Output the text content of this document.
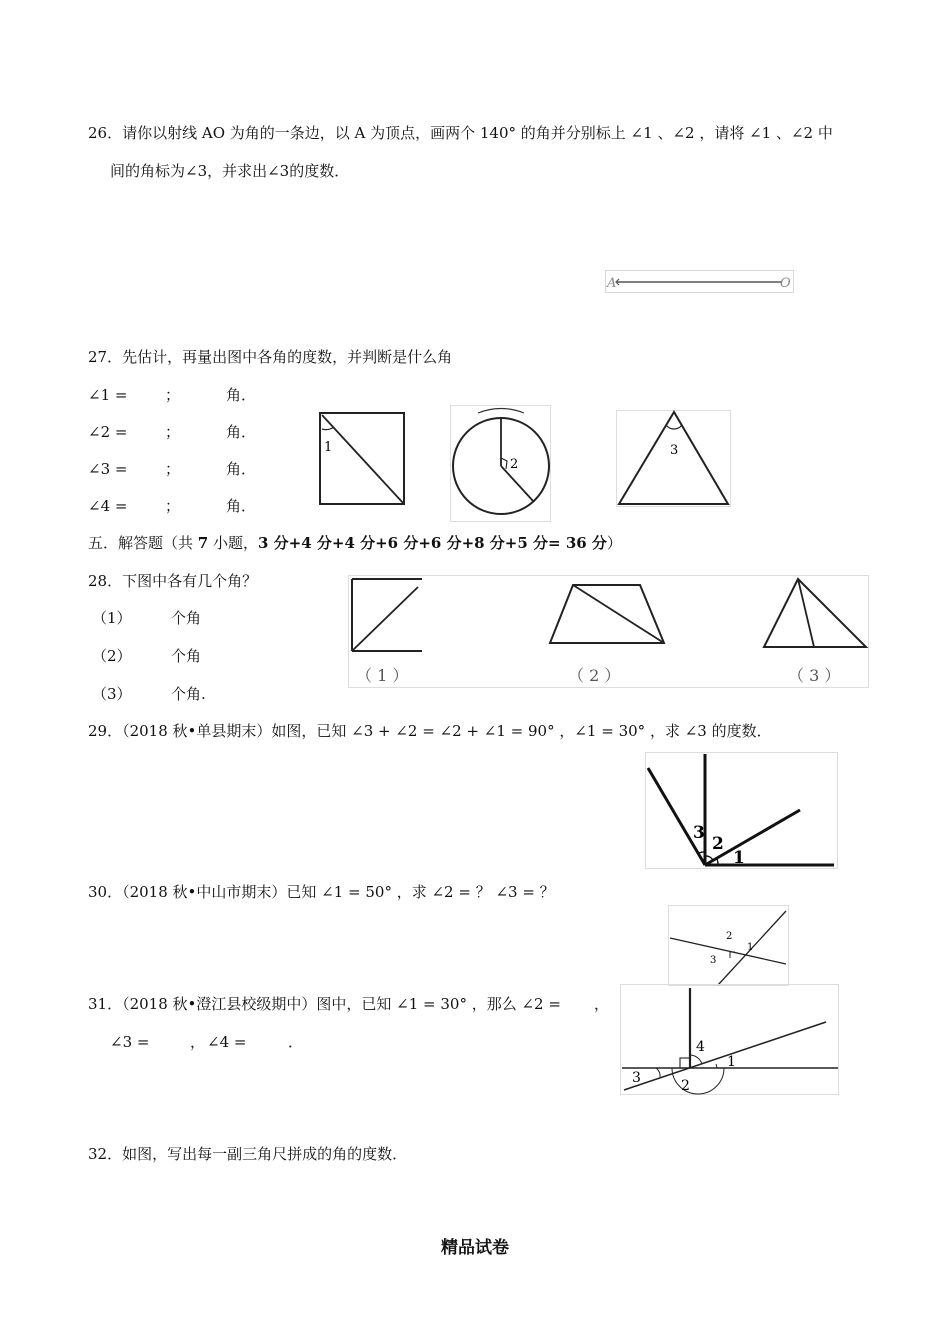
26．请你以射线 AO 为角的一条边，以 A 为顶点，画两个 140° 的角并分别标上 ∠1 、∠2 ，请将 ∠1 、∠2 中
间的角标为∠3，并求出∠3的度数．
A	O
27．先估计，再量出图中各角的度数，并判断是什么角
∠1 =	；	角．
∠2 =	；	角．
∠3 =	；	角．
∠4 =	；	角．
1
2
3
五．解答题（共 7 小题，3 分+4 分+4 分+6 分+6 分+8 分+5 分= 36 分）
28．下图中各有几个角？
（1）	个角
（2）	个角
（3）	个角.
（ 1 ）	（ 2 ）	（ 3 ）
29．（2018 秋•单县期末）如图，已知 ∠3 + ∠2 = ∠2 + ∠1 = 90° ，∠1 = 30° ，求 ∠3 的度数．
3
2
1
30．（2018 秋•中山市期末）已知 ∠1 = 50° ，求 ∠2 = ？ ∠3 = ？
2
1
3
31．（2018 秋•澄江县校级期中）图中，已知 ∠1 = 30° ，那么 ∠2 = ，
∠3 =	， ∠4 =	．	4
1
3	2
32．如图，写出每一副三角尺拼成的角的度数．
精品试卷
